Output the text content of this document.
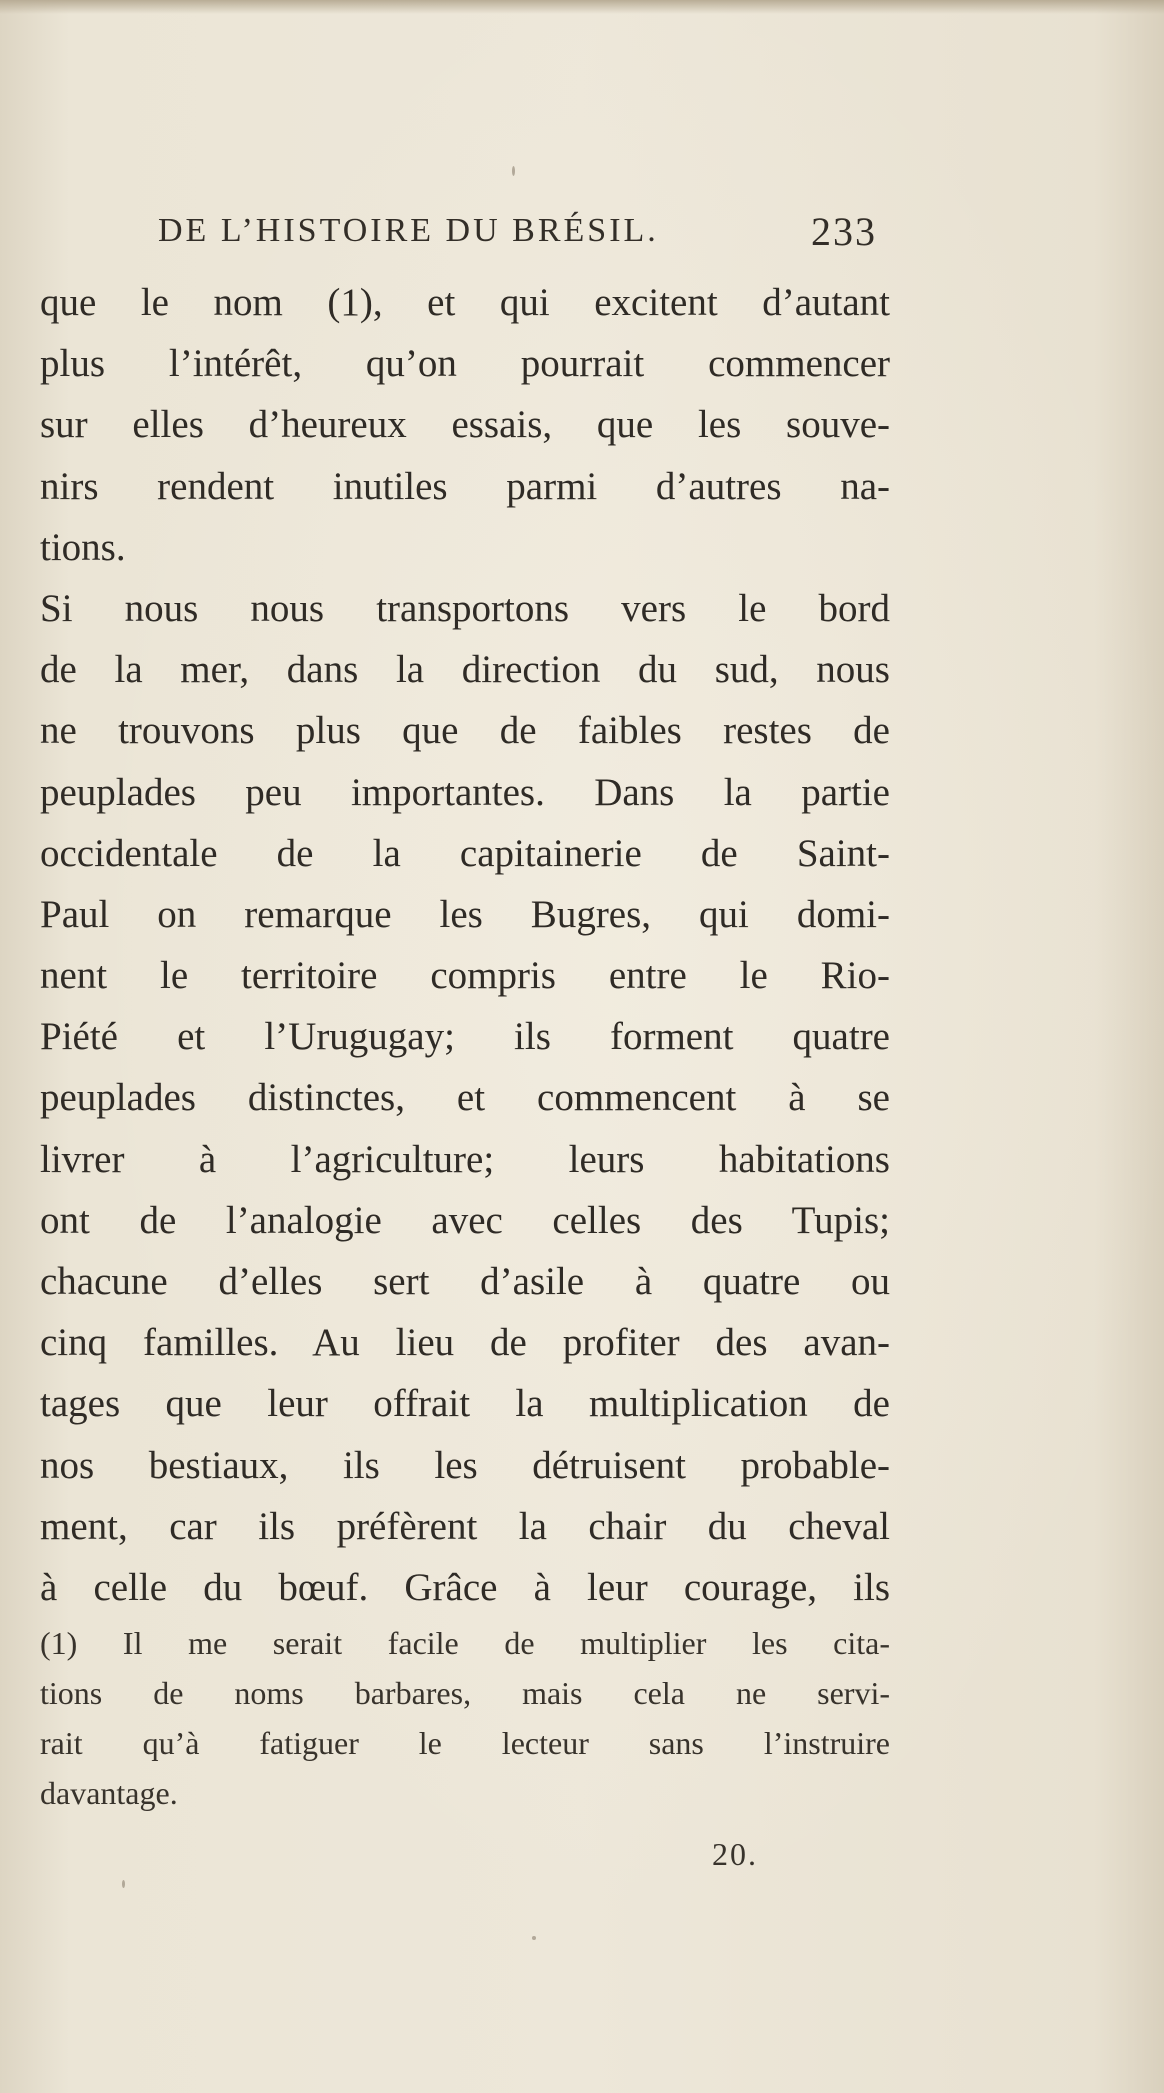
DE L’HISTOIRE DU BRÉSIL.	233
que le nom (1), et qui excitent d’autant
plus l’intérêt, qu’on pourrait commencer
sur elles d’heureux essais, que les souve-
nirs rendent inutiles parmi d’autres na-
tions.
Si nous nous transportons vers le bord
de la mer, dans la direction du sud, nous
ne trouvons plus que de faibles restes de
peuplades peu importantes. Dans la partie
occidentale de la capitainerie de Saint-
Paul on remarque les Bugres, qui domi-
nent le territoire compris entre le Rio-
Piété et l’Urugugay; ils forment quatre
peuplades distinctes, et commencent à se
livrer à l’agriculture; leurs habitations
ont de l’analogie avec celles des Tupis;
chacune d’elles sert d’asile à quatre ou
cinq familles. Au lieu de profiter des avan-
tages que leur offrait la multiplication de
nos bestiaux, ils les détruisent probable-
ment, car ils préfèrent la chair du cheval
à celle du bœuf. Grâce à leur courage, ils
(1) Il me serait facile de multiplier les cita-
tions de noms barbares, mais cela ne servi-
rait qu’à fatiguer le lecteur sans l’instruire
davantage.
20.
